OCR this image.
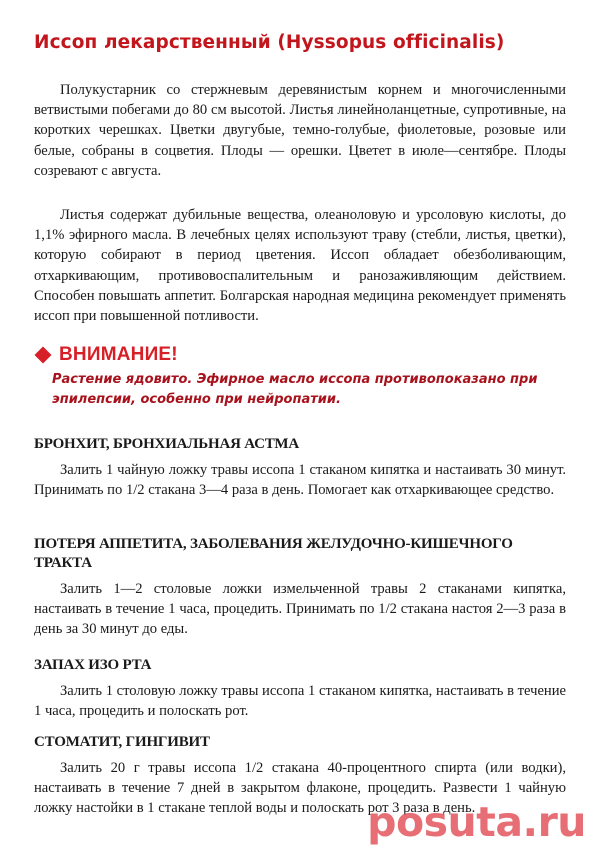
Иссоп лекарственный (Hyssopus officinalis)

Полукустарник со стержневым деревянистым корнем и многочисленными ветвистыми побегами до 80 см высотой. Листья линейноланцетные, супротивные, на коротких черешках. Цветки двугубые, темно-голубые, фиолетовые, розовые или белые, собраны в соцветия. Плоды — орешки. Цветет в июле—сентябре. Плоды созревают с августа.

Листья содержат дубильные вещества, олеаноловую и урсоловую кислоты, до 1,1% эфирного масла. В лечебных целях используют траву (стебли, листья, цветки), которую собирают в период цветения. Иссоп обладает обезболивающим, отхаркивающим, противовоспалительным и ранозаживляющим действием. Способен повышать аппетит. Болгарская народная медицина рекомендует применять иссоп при повышенной потливости.

ВНИМАНИЕ!

Растение ядовито. Эфирное масло иссопа противопоказано при эпилепсии, особенно при нейропатии.

БРОНХИТ, БРОНХИАЛЬНАЯ АСТМА

Залить 1 чайную ложку травы иссопа 1 стаканом кипятка и настаивать 30 минут. Принимать по 1/2 стакана 3—4 раза в день. Помогает как отхаркивающее средство.

ПОТЕРЯ АППЕТИТА, ЗАБОЛЕВАНИЯ ЖЕЛУДОЧНО-КИШЕЧНОГО ТРАКТА

Залить 1—2 столовые ложки измельченной травы 2 стаканами кипятка, настаивать в течение 1 часа, процедить. Принимать по 1/2 стакана настоя 2—3 раза в день за 30 минут до еды.

ЗАПАХ ИЗО РТА

Залить 1 столовую ложку травы иссопа 1 стаканом кипятка, настаивать в течение 1 часа, процедить и полоскать рот.

СТОМАТИТ, ГИНГИВИТ

Залить 20 г травы иссопа 1/2 стакана 40-процентного спирта (или водки), настаивать в течение 7 дней в закрытом флаконе, процедить. Развести 1 чайную ложку настойки в 1 стакане теплой воды и полоскать рот 3 раза в день.

posuta.ru
